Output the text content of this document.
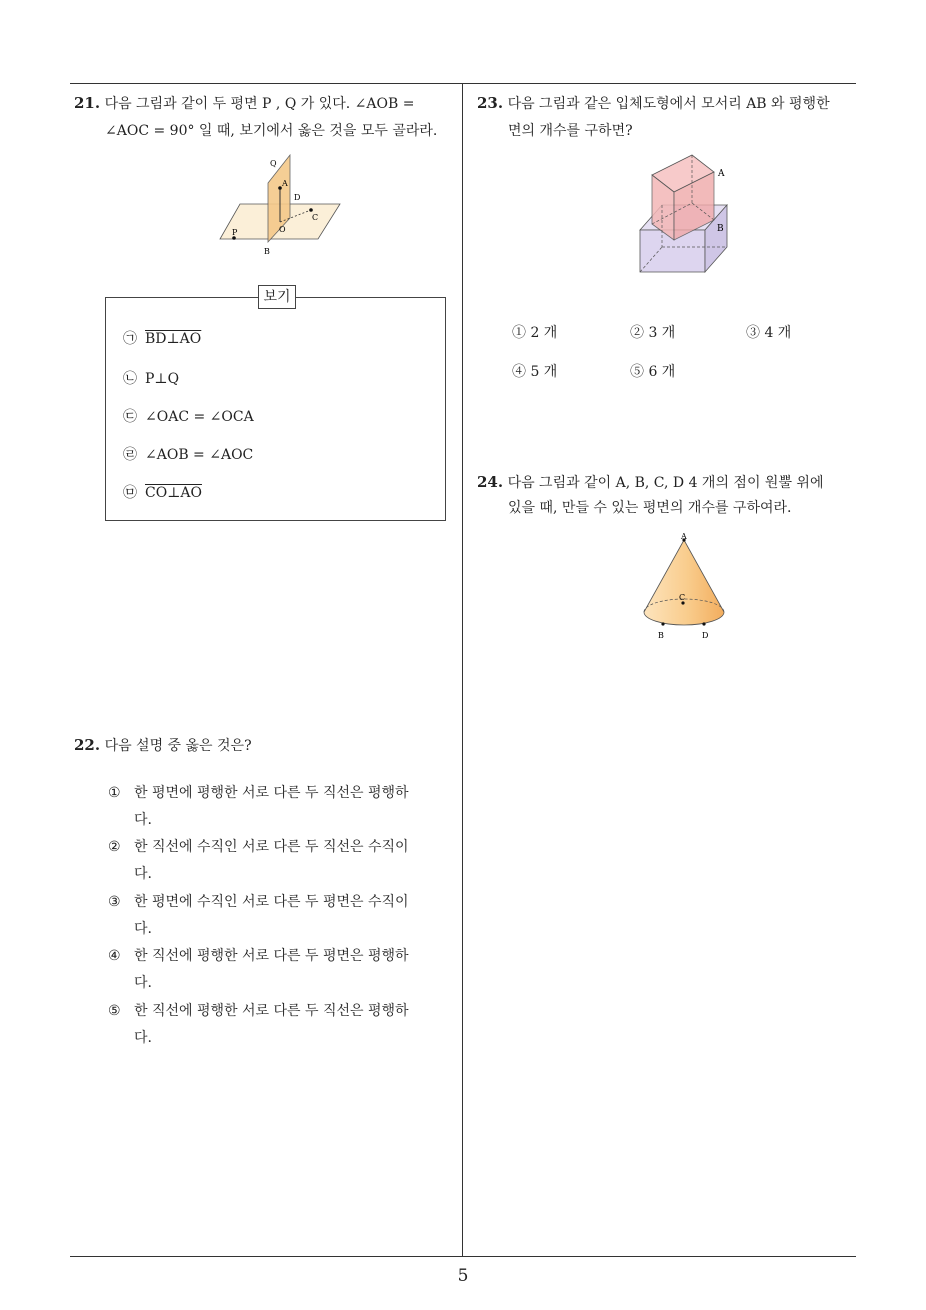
21. 다음 그림과 같이 두 평면 P , Q 가 있다. ∠AOB =
∠AOC = 90° 일 때, 보기에서 옳은 것을 모두 골라라.
Q
A
D
C
O
P
B
보기
㉠ BD⊥AO
㉡ P⊥Q
㉢ ∠OAC = ∠OCA
㉣ ∠AOB = ∠AOC
㉤ CO⊥AO
22. 다음 설명 중 옳은 것은?
① 한 평면에 평행한 서로 다른 두 직선은 평행하
다.
② 한 직선에 수직인 서로 다른 두 직선은 수직이
다.
③ 한 평면에 수직인 서로 다른 두 평면은 수직이
다.
④ 한 직선에 평행한 서로 다른 두 평면은 평행하
다.
⑤ 한 직선에 평행한 서로 다른 두 직선은 평행하
다.
23. 다음 그림과 같은 입체도형에서 모서리 AB 와 평행한
면의 개수를 구하면?
A
B
① 2 개	② 3 개	③ 4 개
④ 5 개	⑤ 6 개
24. 다음 그림과 같이 A, B, C, D 4 개의 점이 원뿔 위에
있을 때, 만들 수 있는 평면의 개수를 구하여라.
A
C
B	D
5
